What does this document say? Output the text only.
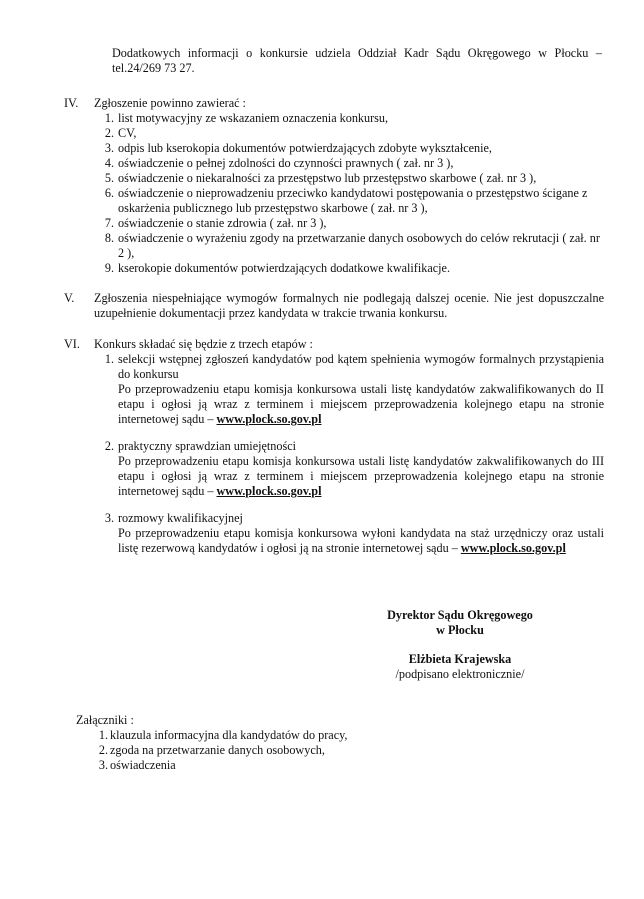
Dodatkowych informacji o konkursie udziela Oddział Kadr Sądu Okręgowego w Płocku –

tel.24/269 73 27.

IV.	Zgłoszenie powinno zawierać :

1. list motywacyjny ze wskazaniem oznaczenia konkursu,
2. CV,
3. odpis lub kserokopia dokumentów potwierdzających zdobyte wykształcenie,
4. oświadczenie o pełnej zdolności do czynności prawnych ( zał. nr 3 ),
5. oświadczenie o niekaralności za przestępstwo lub przestępstwo skarbowe ( zał. nr 3 ),
6. oświadczenie o nieprowadzeniu przeciwko kandydatowi postępowania o przestępstwo ścigane z oskarżenia publicznego lub przestępstwo skarbowe ( zał. nr 3 ),
7. oświadczenie o stanie zdrowia ( zał. nr 3 ),
8. oświadczenie o wyrażeniu zgody na przetwarzanie danych osobowych do celów rekrutacji ( zał. nr 2 ),
9. kserokopie dokumentów potwierdzających dodatkowe kwalifikacje.
V.	Zgłoszenia niespełniające wymogów formalnych nie podlegają dalszej ocenie. Nie jest dopuszczalne uzupełnienie dokumentacji przez kandydata w trakcie trwania konkursu.

VI.	Konkurs składać się będzie z trzech etapów :

1. selekcji wstępnej zgłoszeń kandydatów pod kątem spełnienia wymogów formalnych przystąpienia do konkursu

Po przeprowadzeniu etapu komisja konkursowa ustali listę kandydatów zakwalifikowanych do II etapu i ogłosi ją wraz z terminem i miejscem przeprowadzenia kolejnego etapu na stronie internetowej sądu – www.plock.so.gov.pl

2. praktyczny sprawdzian umiejętności

Po przeprowadzeniu etapu komisja konkursowa ustali listę kandydatów zakwalifikowanych do III etapu i ogłosi ją wraz z terminem i miejscem przeprowadzenia kolejnego etapu na stronie internetowej sądu – www.plock.so.gov.pl

3. rozmowy kwalifikacyjnej

Po przeprowadzeniu etapu komisja konkursowa wyłoni kandydata na staż urzędniczy oraz ustali listę rezerwową kandydatów i ogłosi ją na stronie internetowej sądu – www.plock.so.gov.pl

Dyrektor Sądu Okręgowego

w Płocku

Elżbieta Krajewska

/podpisano elektronicznie/

Załączniki :

1. klauzula informacyjna dla kandydatów do pracy,
2. zgoda na przetwarzanie danych osobowych,
3. oświadczenia
